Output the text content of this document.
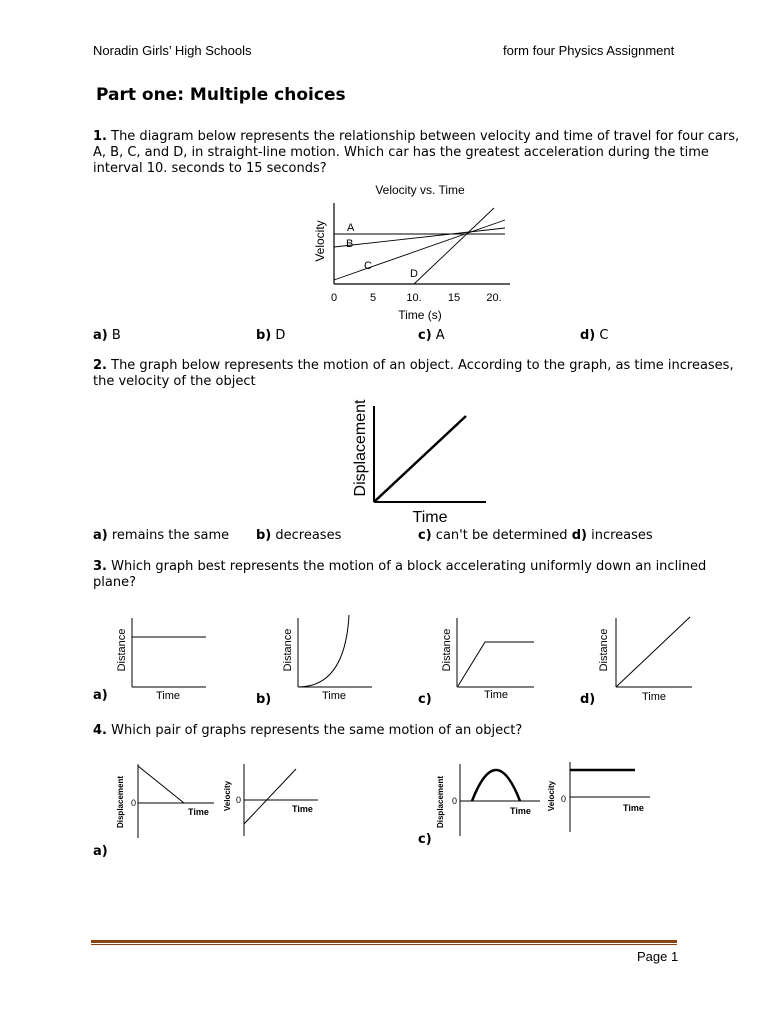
Noradin Girls’ High Schools	form four Physics Assignment
Part one: Multiple choices
1. The diagram below represents the relationship between velocity and time of travel for four cars, A, B, C, and D, in straight-line motion. Which car has the greatest acceleration during the time interval 10. seconds to 15 seconds?
Velocity vs. Time
Velocity A
B
C
D
0	5	10. 15 20.
Time (s)
a) B	b) D	c) A	d) C
2. The graph below represents the motion of an object. According to the graph, as time increases, the velocity of the object
Displacement
Time
a) remains the same b) decreases	c) can't be determined d) increases
3. Which graph best represents the motion of a block accelerating uniformly down an inclined plane?
Distance
Time
Distance
Time
Distance
Time
Distance
Time
a)	b)	c)	d)
4. Which pair of graphs represents the same motion of an object?
Displacement 0
Time
Velocity 0
Time	Displacement 0
Time Velocity 0
Time
a)
c)
Page 1
